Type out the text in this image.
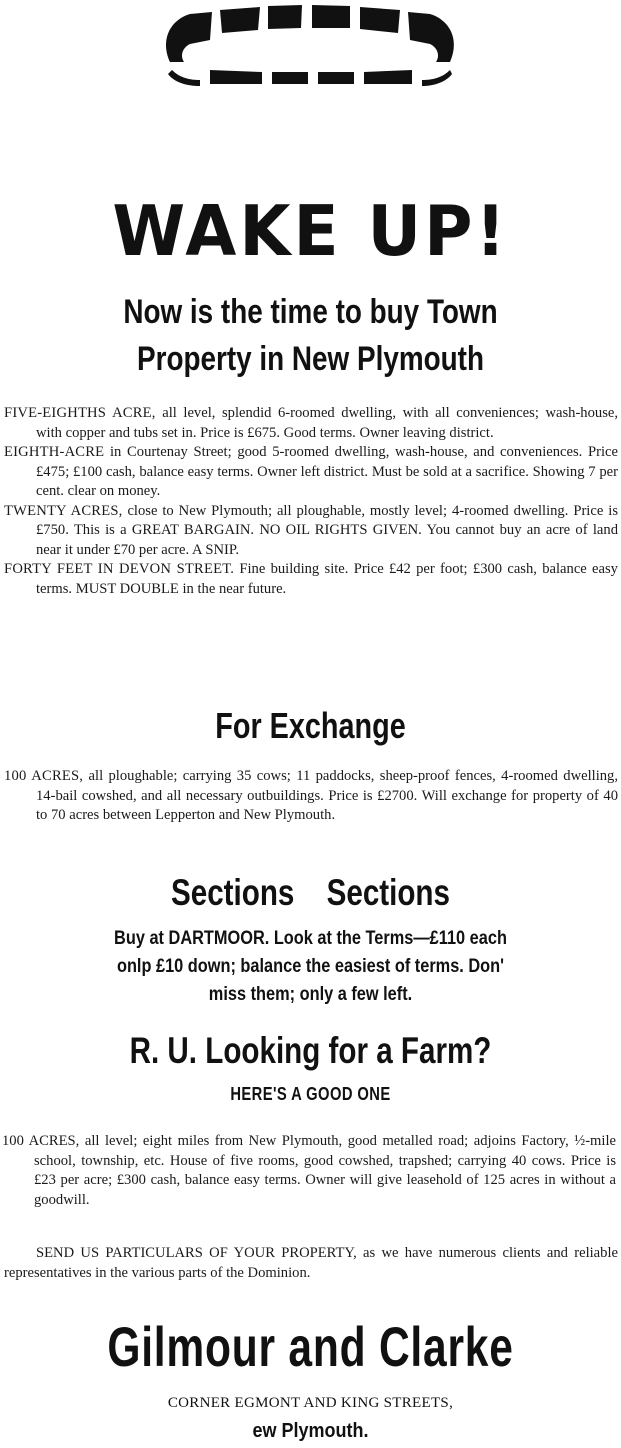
WAKE UP!
Now is the time to buy Town
Property in New Plymouth

FIVE-EIGHTHS ACRE, all level, splendid 6-roomed dwelling, with all conveniences; wash-house, with copper and tubs set in. Price is £675. Good terms. Owner leaving district.

EIGHTH-ACRE in Courtenay Street; good 5-roomed dwelling, wash-house, and conveniences. Price £475; £100 cash, balance easy terms. Owner left district. Must be sold at a sacrifice. Showing 7 per cent. clear on money.

TWENTY ACRES, close to New Plymouth; all ploughable, mostly level; 4-roomed dwelling. Price is £750. This is a GREAT BARGAIN. NO OIL RIGHTS GIVEN. You cannot buy an acre of land near it under £70 per acre. A SNIP.

FORTY FEET IN DEVON STREET. Fine building site. Price £42 per foot; £300 cash, balance easy terms. MUST DOUBLE in the near future.

For Exchange

100 ACRES, all ploughable; carrying 35 cows; 11 paddocks, sheep-proof fences, 4-roomed dwelling, 14-bail cowshed, and all necessary outbuildings. Price is £2700. Will exchange for property of 40 to 70 acres between Lepperton and New Plymouth.

Sections Sections
Buy at DARTMOOR. Look at the Terms—£110 each
onlp £10 down; balance the easiest of terms. Don'
miss them; only a few left.
R. U. Looking for a Farm?
HERE'S A GOOD ONE

100 ACRES, all level; eight miles from New Plymouth, good metalled road; adjoins Factory, ½-mile school, township, etc. House of five rooms, good cowshed, trapshed; carrying 40 cows. Price is £23 per acre; £300 cash, balance easy terms. Owner will give leasehold of 125 acres in without a goodwill.

SEND US PARTICULARS OF YOUR PROPERTY, as we have numerous clients and reliable representatives in the various parts of the Dominion.

Gilmour and Clarke
CORNER EGMONT AND KING STREETS,
ew Plymouth.
